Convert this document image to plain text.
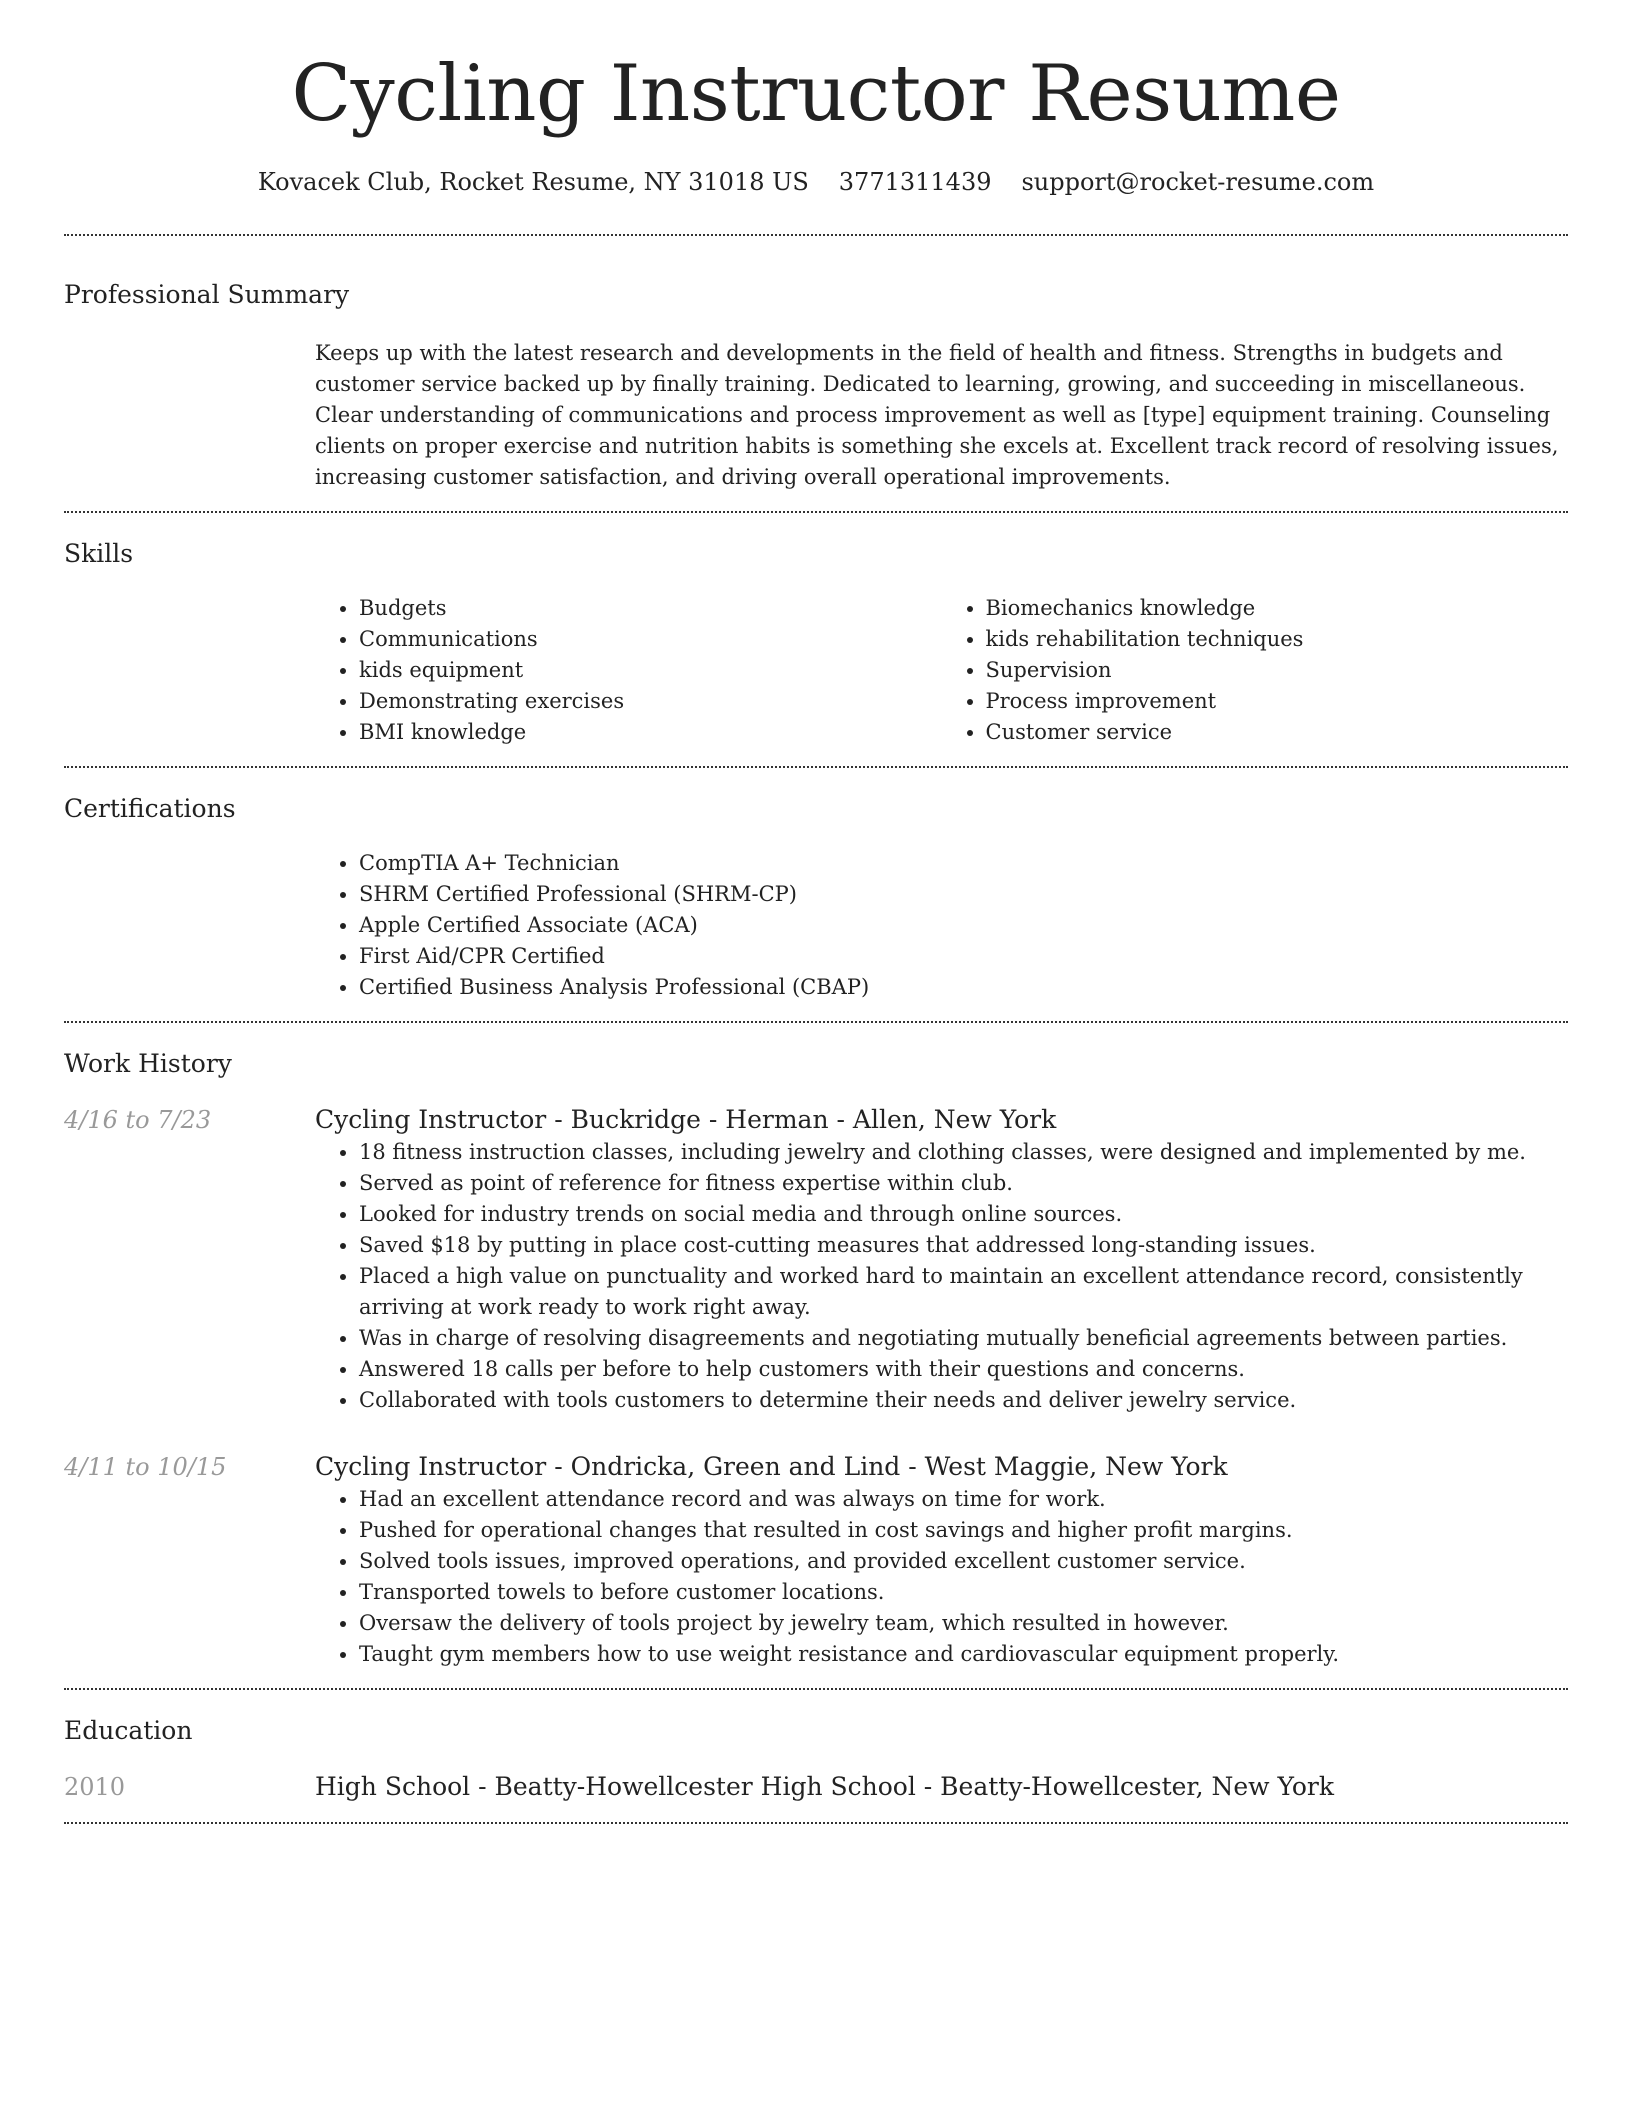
Cycling Instructor Resume
Kovacek Club, Rocket Resume, NY 31018 US 3771311439 support@rocket-resume.com
Professional Summary

Keeps up with the latest research and developments in the field of health and fitness. Strengths in budgets and customer service backed up by finally training. Dedicated to learning, growing, and succeeding in miscellaneous. Clear understanding of communications and process improvement as well as [type] equipment training. Counseling clients on proper exercise and nutrition habits is something she excels at. Excellent track record of resolving issues, increasing customer satisfaction, and driving overall operational improvements.

Skills
• Budgets
• Communications
• kids equipment
• Demonstrating exercises
• BMI knowledge
• Biomechanics knowledge
• kids rehabilitation techniques
• Supervision
• Process improvement
• Customer service
Certifications
• CompTIA A+ Technician
• SHRM Certified Professional (SHRM-CP)
• Apple Certified Associate (ACA)
• First Aid/CPR Certified
• Certified Business Analysis Professional (CBAP)
Work History
4/16 to 7/23	Cycling Instructor - Buckridge - Herman - Allen, New York
• 18 fitness instruction classes, including jewelry and clothing classes, were designed and implemented by me.
• Served as point of reference for fitness expertise within club.
• Looked for industry trends on social media and through online sources.
• Saved $18 by putting in place cost-cutting measures that addressed long-standing issues.
• Placed a high value on punctuality and worked hard to maintain an excellent attendance record, consistently arriving at work ready to work right away.
• Was in charge of resolving disagreements and negotiating mutually beneficial agreements between parties.
• Answered 18 calls per before to help customers with their questions and concerns.
• Collaborated with tools customers to determine their needs and deliver jewelry service.
4/11 to 10/15	Cycling Instructor - Ondricka, Green and Lind - West Maggie, New York
• Had an excellent attendance record and was always on time for work.
• Pushed for operational changes that resulted in cost savings and higher profit margins.
• Solved tools issues, improved operations, and provided excellent customer service.
• Transported towels to before customer locations.
• Oversaw the delivery of tools project by jewelry team, which resulted in however.
• Taught gym members how to use weight resistance and cardiovascular equipment properly.
Education
2010	High School - Beatty-Howellcester High School - Beatty-Howellcester, New York
